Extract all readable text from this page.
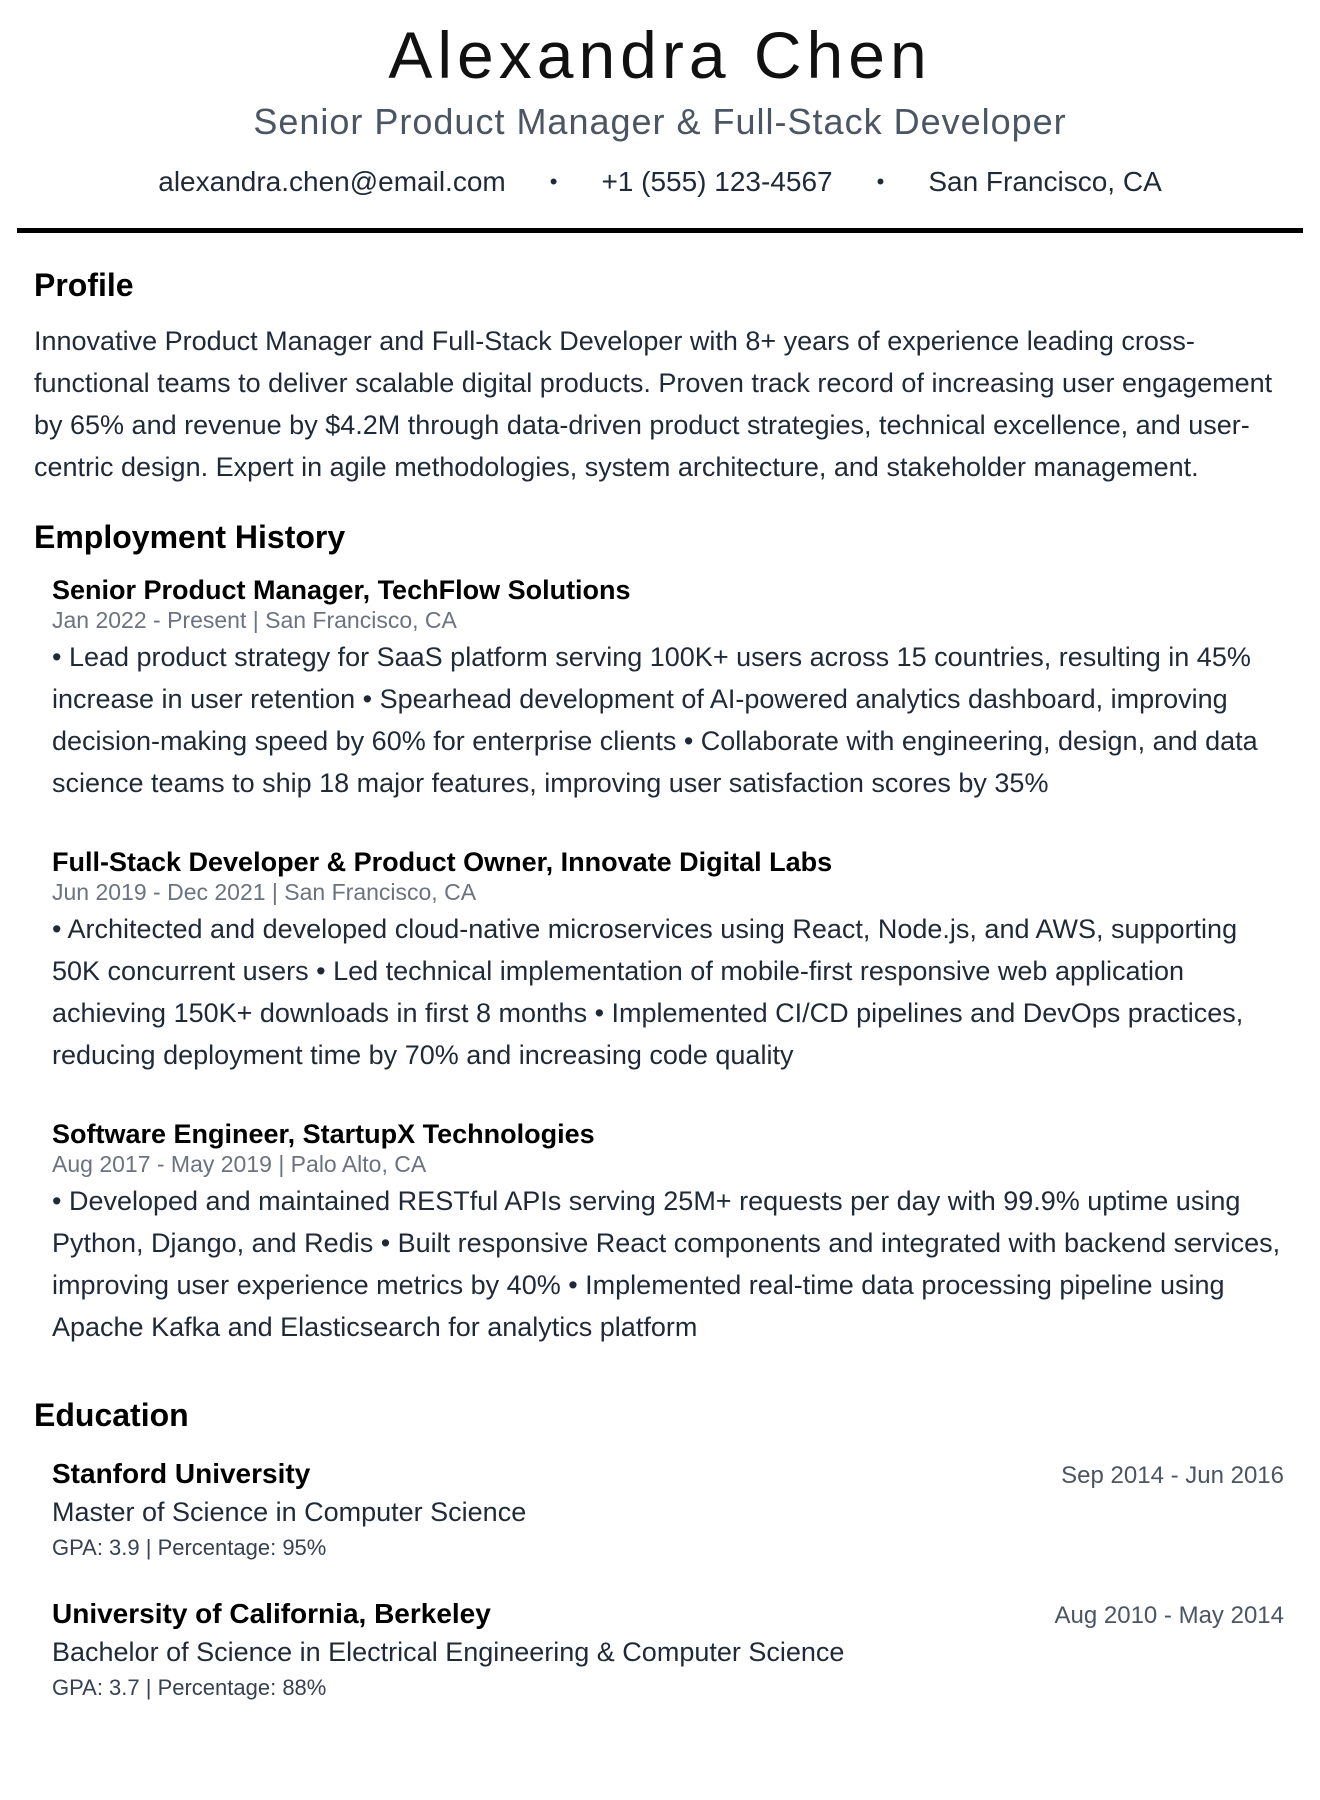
Alexandra Chen
Senior Product Manager & Full-Stack Developer
alexandra.chen@email.com • +1 (555) 123-4567 • San Francisco, CA
Profile
Innovative Product Manager and Full-Stack Developer with 8+ years of experience leading cross-functional teams to deliver scalable digital products. Proven track record of increasing user engagement by 65% and revenue by $4.2M through data-driven product strategies, technical excellence, and user-centric design. Expert in agile methodologies, system architecture, and stakeholder management.
Employment History
Senior Product Manager, TechFlow Solutions
Jan 2022 - Present | San Francisco, CA
• Lead product strategy for SaaS platform serving 100K+ users across 15 countries, resulting in 45% increase in user retention • Spearhead development of AI-powered analytics dashboard, improving decision-making speed by 60% for enterprise clients • Collaborate with engineering, design, and data science teams to ship 18 major features, improving user satisfaction scores by 35%
Full-Stack Developer & Product Owner, Innovate Digital Labs
Jun 2019 - Dec 2021 | San Francisco, CA
• Architected and developed cloud-native microservices using React, Node.js, and AWS, supporting 50K concurrent users • Led technical implementation of mobile-first responsive web application achieving 150K+ downloads in first 8 months • Implemented CI/CD pipelines and DevOps practices, reducing deployment time by 70% and increasing code quality
Software Engineer, StartupX Technologies
Aug 2017 - May 2019 | Palo Alto, CA
• Developed and maintained RESTful APIs serving 25M+ requests per day with 99.9% uptime using Python, Django, and Redis • Built responsive React components and integrated with backend services, improving user experience metrics by 40% • Implemented real-time data processing pipeline using Apache Kafka and Elasticsearch for analytics platform
Education
Stanford University	Sep 2014 - Jun 2016
Master of Science in Computer Science
GPA: 3.9 | Percentage: 95%
University of California, Berkeley	Aug 2010 - May 2014
Bachelor of Science in Electrical Engineering & Computer Science
GPA: 3.7 | Percentage: 88%
